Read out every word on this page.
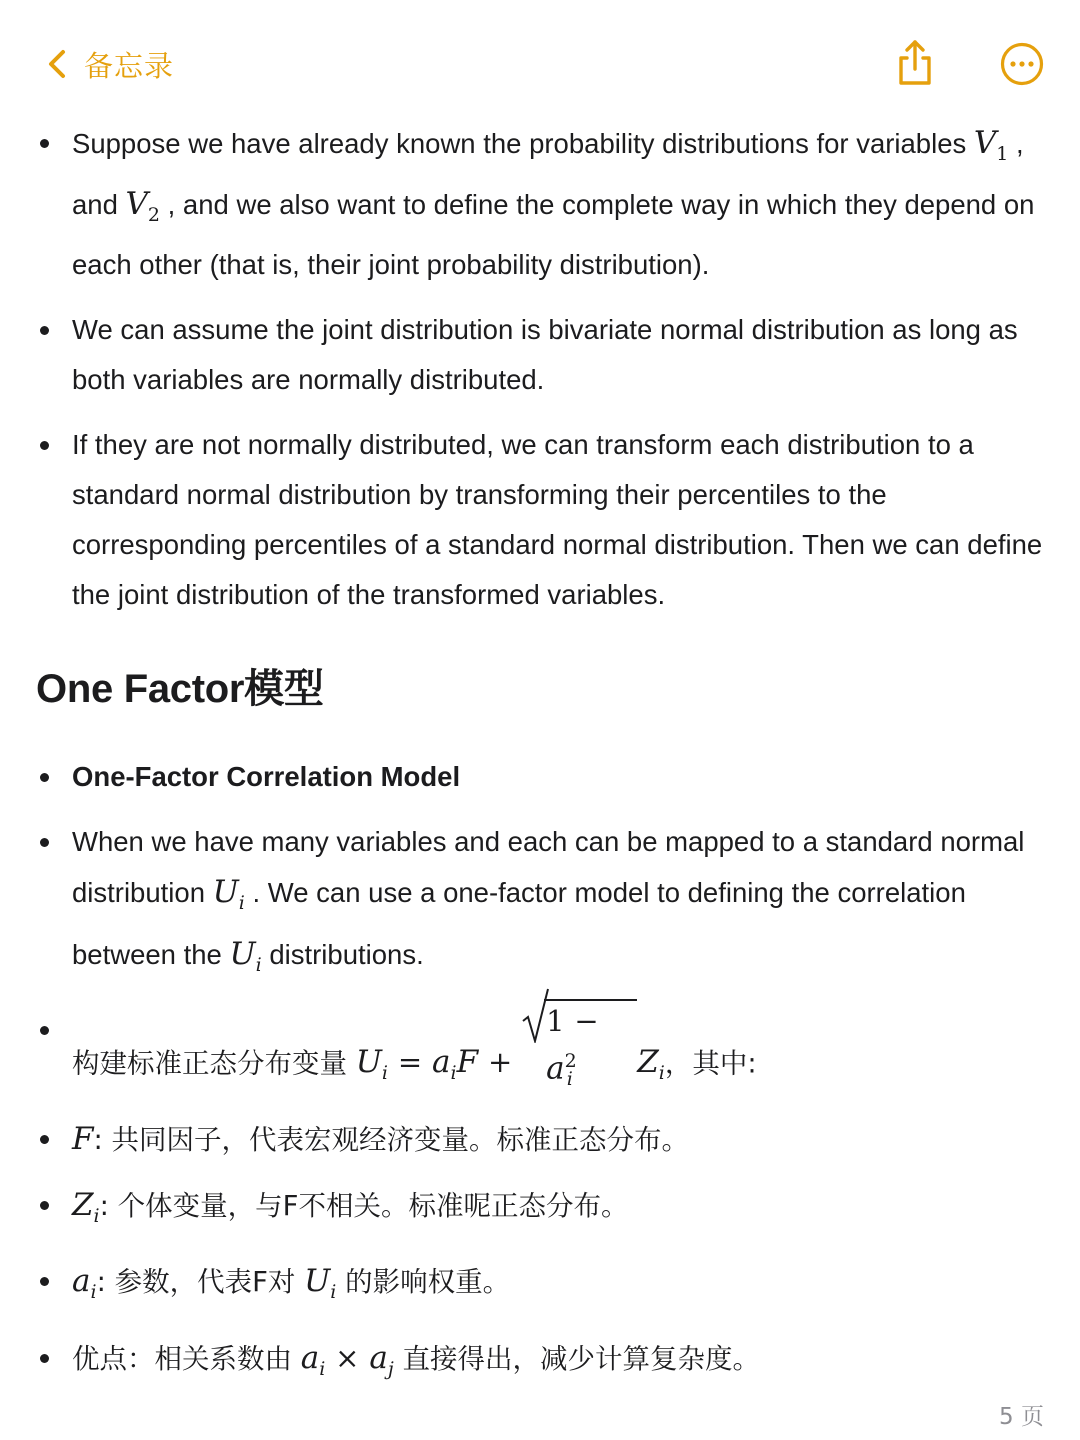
备忘录
Suppose we have already known the probability distributions for variables $V_1$ , and $V_2$ , and we also want to define the complete way in which they depend on each other (that is, their joint probability distribution).
We can assume the joint distribution is bivariate normal distribution as long as both variables are normally distributed.
If they are not normally distributed, we can transform each distribution to a standard normal distribution by transforming their percentiles to the corresponding percentiles of a standard normal distribution. Then we can define the joint distribution of the transformed variables.
One Factor模型
One-Factor Correlation Model
When we have many variables and each can be mapped to a standard normal distribution $U_i$ . We can use a one-factor model to defining the correlation between the $U_i$ distributions.
构建标准正态分布变量 $U_i = a_iF$ +
$1 - a^2_i$ $Z_i$，其中:
F: 共同因子，代表宏观经济变量。标准正态分布。
$Z_i$: 个体变量，与F不相关。标准呢正态分布。
$a_i$: 参数，代表F对 $U_i$ 的影响权重。
优点：相关系数由 $a_i \times a_j$ 直接得出，减少计算复杂度。
5 页
